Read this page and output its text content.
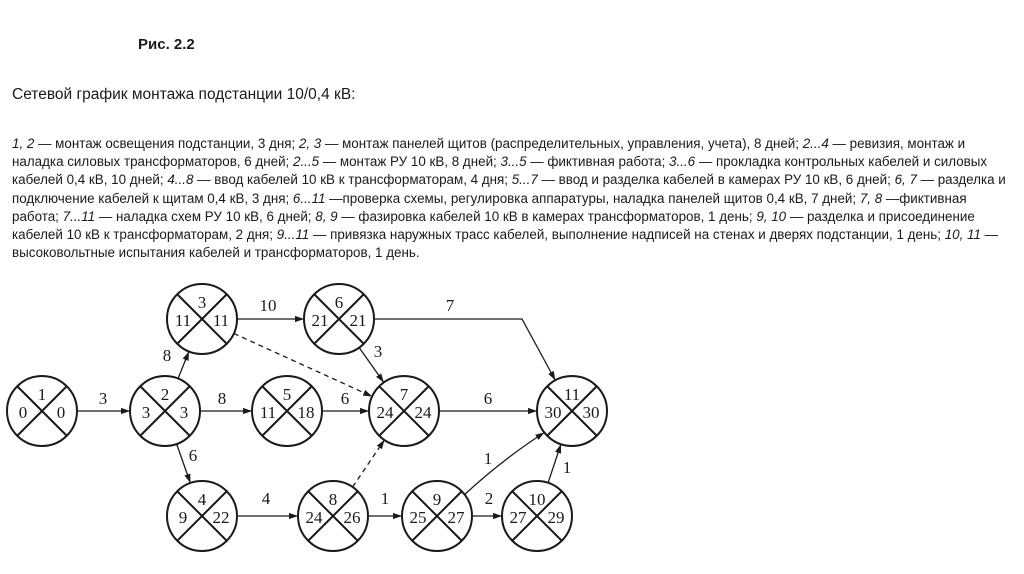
Рис. 2.2
Сетевой график монтажа подстанции 10/0,4 кВ:

1, 2 — монтаж освещения подстанции, 3 дня; 2, 3 — монтаж панелей щитов (распределительных, управления, учета), 8 дней; 2...4 — ревизия, монтаж и наладка силовых трансформаторов, 6 дней; 2...5 — монтаж РУ 10 кВ, 8 дней; 3...5 — фиктивная работа; 3...6 — прокладка контрольных кабелей и силовых кабелей 0,4 кВ, 10 дней; 4...8 — ввод кабелей 10 кВ к трансформаторам, 4 дня; 5...7 — ввод и разделка кабелей в камерах РУ 10 кВ, 6 дней; 6, 7 — разделка и подключение кабелей к щитам 0,4 кВ, 3 дня; 6...11 —проверка схемы, регулировка аппаратуры, наладка панелей щитов 0,4 кВ, 7 дней; 7, 8 —фиктивная работа; 7...11 — наладка схем РУ 10 кВ, 6 дней; 8, 9 — фазировка кабелей 10 кВ в камерах трансформаторов, 1 день; 9, 10 — разделка и присоединение кабелей 10 кВ к трансформаторам, 2 дня; 9...11 — привязка наружных трасс кабелей, выполнение надписей на стенах и дверях подстанции, 1 день; 10, 11 — высоковольтные испытания кабелей и трансформаторов, 1 день.

3
8
8
6
10
6
3
7
6
4	1	2
1	1
1
0 0
2
3 3
3
11 11
4
9 22
5
11 18
6
21 21
7
24 24
8
24 26
9
25 27
10
27 29
11
30 30
